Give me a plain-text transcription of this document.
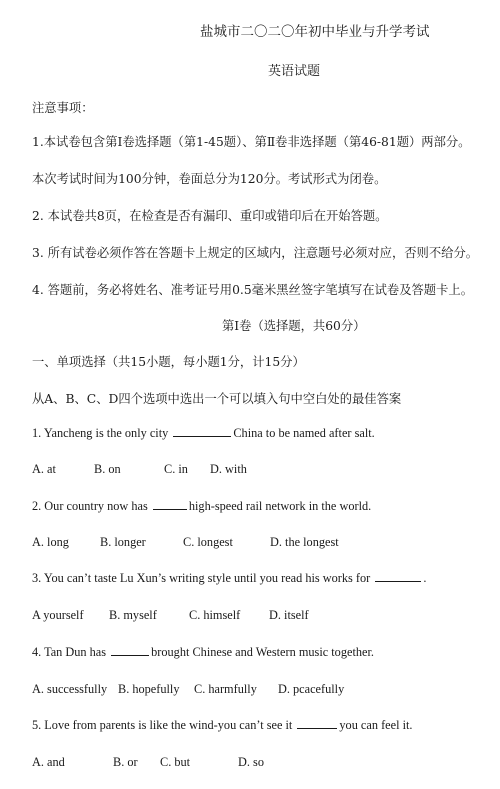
盐城市二〇二〇年初中毕业与升学考试

英语试题

注意事项：

1.本试卷包含第Ⅰ卷选择题（第1-45题）、第Ⅱ卷非选择题（第46-81题）两部分。

本次考试时间为100分钟，卷面总分为120分。考试形式为闭卷。

2. 本试卷共8页，在检查是否有漏印、重印或错印后在开始答题。

3. 所有试卷必须作答在答题卡上规定的区域内，注意题号必须对应，否则不给分。

4. 答题前，务必将姓名、准考证号用0.5毫米黑丝签字笔填写在试卷及答题卡上。

第Ⅰ卷（选择题，共60分）

一、单项选择（共15小题，每小题1分，计15分）

从A、B、C、D四个选项中选出一个可以填入句中空白处的最佳答案

1. Yancheng is the only city	China to be named after salt.

A. at	B. on	C. in D. with

2. Our country now has	high-speed rail network in the world.

A. long	B. longer	C. longest	D. the longest

3. You can’t taste Lu Xun’s writing style until you read his works for	.

A yourself B. myself	C. himself D. itself

4. Tan Dun has	brought Chinese and Western music together.

A. successfully B. hopefully C. harmfully D. pcacefully

5. Love from parents is like the wind-you can’t see it	you can feel it.

A. and	B. or C. but	D. so
